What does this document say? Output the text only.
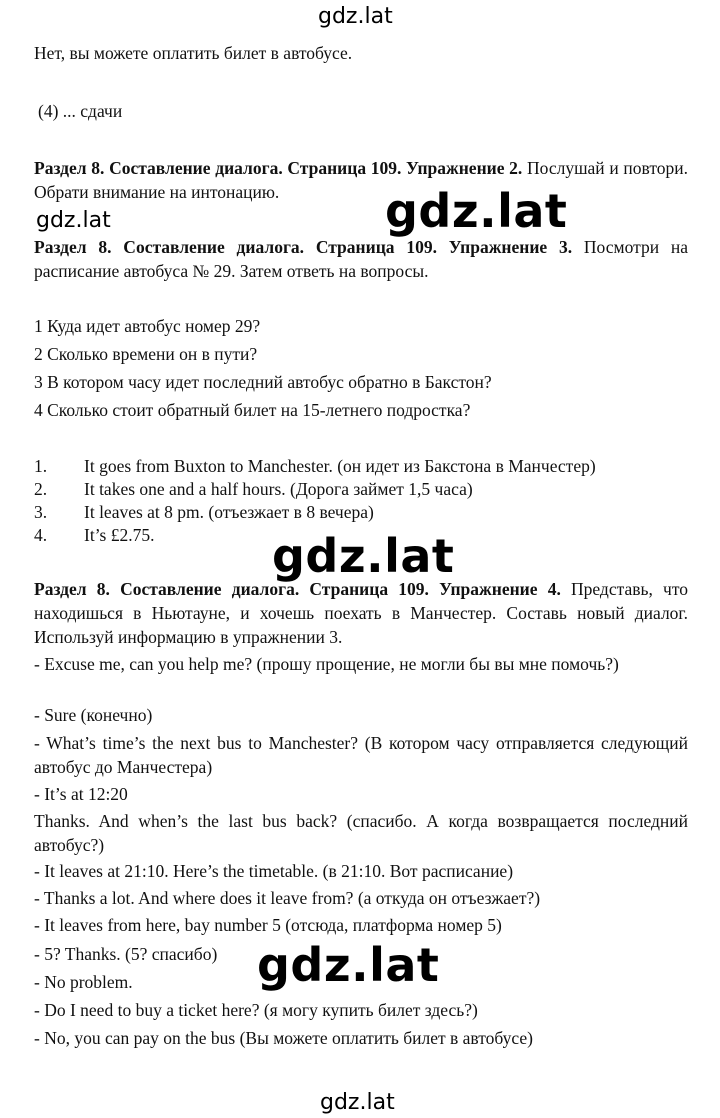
gdz.lat
gdz.lat	gdz.lat
gdz.lat
gdz.lat
gdz.lat
Нет, вы можете оплатить билет в автобусе.
(4) ... сдачи
Раздел 8. Составление диалога. Страница 109. Упражнение 2. Послушай и повтори. Обрати внимание на интонацию.
Раздел 8. Составление диалога. Страница 109. Упражнение 3. Посмотри на расписание автобуса № 29. Затем ответь на вопросы.
1 Куда идет автобус номер 29?
2 Сколько времени он в пути?
3 В котором часу идет последний автобус обратно в Бакстон?
4 Сколько стоит обратный билет на 15-летнего подростка?
1. It goes from Buxton to Manchester. (он идет из Бакстона в Манчестер)
2. It takes one and a half hours. (Дорога займет 1,5 часа)
3. It leaves at 8 pm. (отъезжает в 8 вечера)
4. It’s £2.75.
Раздел 8. Составление диалога. Страница 109. Упражнение 4. Представь, что находишься в Ньютауне, и хочешь поехать в Манчестер. Составь новый диалог. Используй информацию в упражнении 3.
- Excuse me, can you help me? (прошу прощение, не могли бы вы мне помочь?)
- Sure (конечно)
- What’s time’s the next bus to Manchester? (В котором часу отправляется следующий автобус до Манчестера)
- It’s at 12:20
Thanks. And when’s the last bus back? (спасибо. А когда возвращается последний автобус?)
- It leaves at 21:10. Here’s the timetable. (в 21:10. Вот расписание)
- Thanks a lot. And where does it leave from? (а откуда он отъезжает?)
- It leaves from here, bay number 5 (отсюда, платформа номер 5)
- 5? Thanks. (5? спасибо)
- No problem.
- Do I need to buy a ticket here? (я могу купить билет здесь?)
- No, you can pay on the bus (Вы можете оплатить билет в автобусе)
